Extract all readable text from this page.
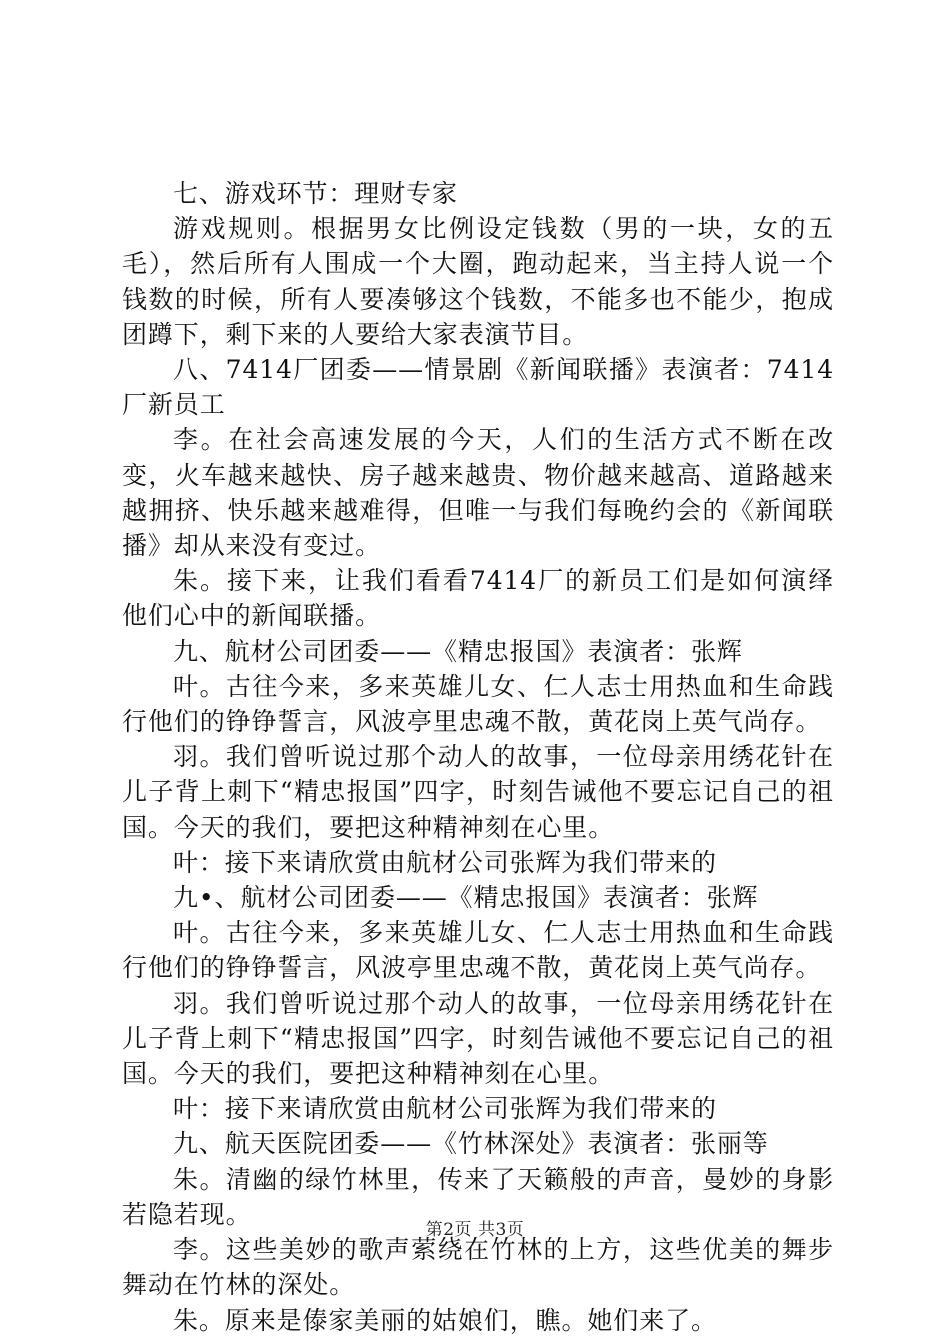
七、游戏环节：理财专家

游戏规则。根据男女比例设定钱数（男的一块，女的五毛），然后所有人围成一个大圈，跑动起来，当主持人说一个钱数的时候，所有人要凑够这个钱数，不能多也不能少，抱成团蹲下，剩下来的人要给大家表演节目。

八、7414厂团委——情景剧《新闻联播》表演者：7414厂新员工

李。在社会高速发展的今天，人们的生活方式不断在改变，火车越来越快、房子越来越贵、物价越来越高、道路越来越拥挤、快乐越来越难得，但唯一与我们每晚约会的《新闻联播》却从来没有变过。

朱。接下来，让我们看看7414厂的新员工们是如何演绎他们心中的新闻联播。

九、航材公司团委——《精忠报国》表演者：张辉

叶。古往今来，多来英雄儿女、仁人志士用热血和生命践行他们的铮铮誓言，风波亭里忠魂不散，黄花岗上英气尚存。

羽。我们曾听说过那个动人的故事，一位母亲用绣花针在儿子背上刺下“精忠报国”四字，时刻告诫他不要忘记自己的祖国。今天的我们，要把这种精神刻在心里。

叶：接下来请欣赏由航材公司张辉为我们带来的

九•、航材公司团委——《精忠报国》表演者：张辉

叶。古往今来，多来英雄儿女、仁人志士用热血和生命践行他们的铮铮誓言，风波亭里忠魂不散，黄花岗上英气尚存。

羽。我们曾听说过那个动人的故事，一位母亲用绣花针在儿子背上刺下“精忠报国”四字，时刻告诫他不要忘记自己的祖国。今天的我们，要把这种精神刻在心里。

叶：接下来请欣赏由航材公司张辉为我们带来的

九、航天医院团委——《竹林深处》表演者：张丽等

朱。清幽的绿竹林里，传来了天籁般的声音，曼妙的身影若隐若现。

李。这些美妙的歌声萦绕在竹林的上方，这些优美的舞步舞动在竹林的深处。

朱。原来是傣家美丽的姑娘们，瞧。她们来了。

第2页 共3页
